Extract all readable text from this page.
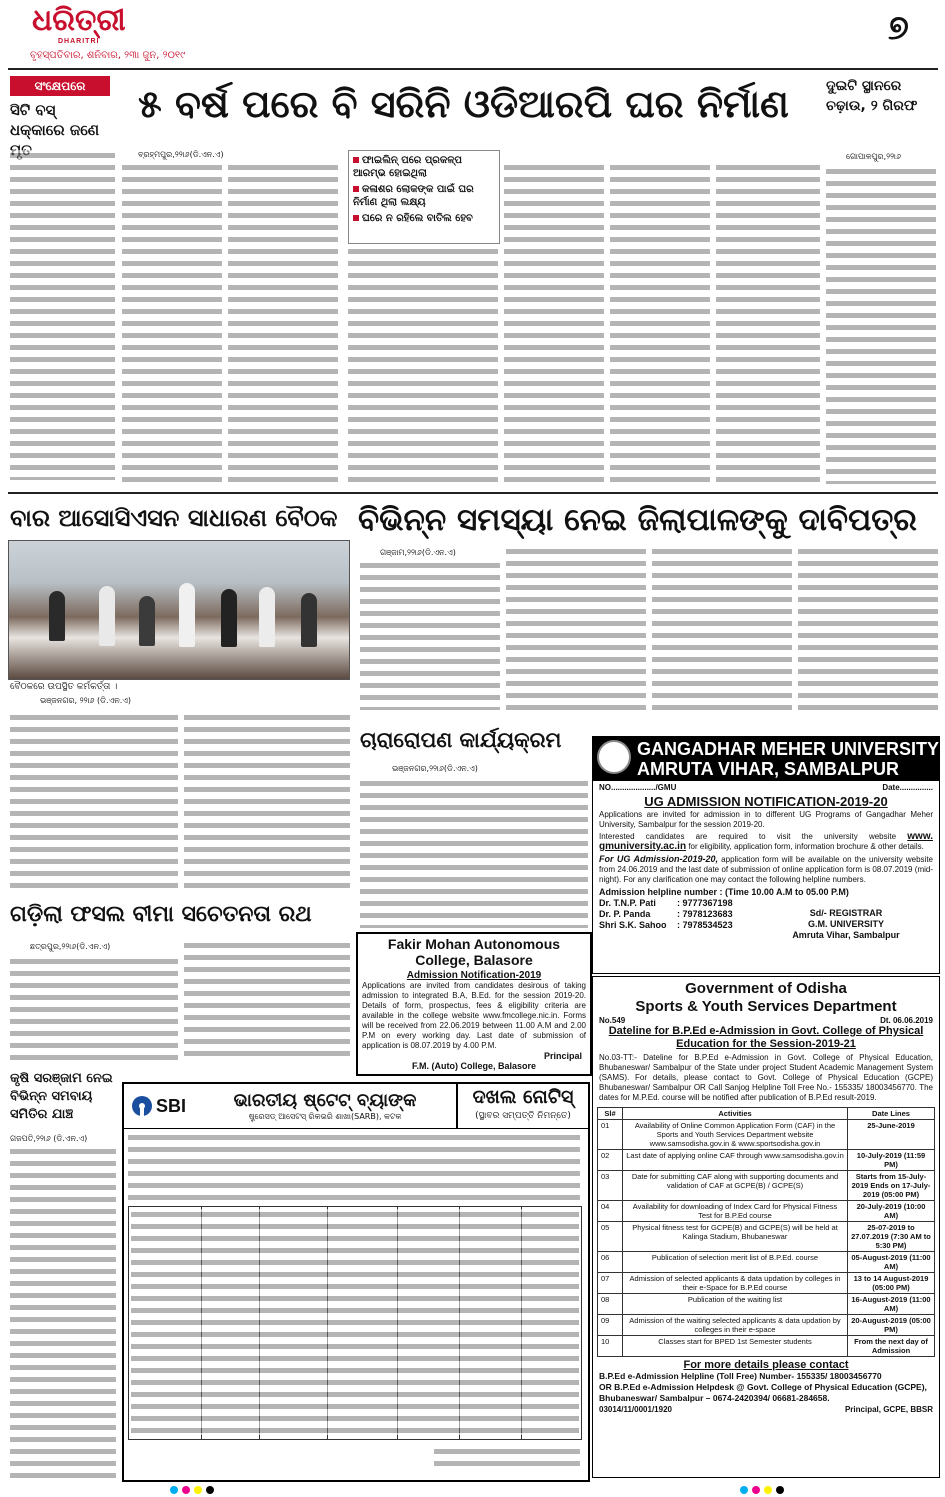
ଧରିତ୍ରୀ
DHARITRI
ବୃହସ୍ପତିବାର, ଶନିବାର, ୨୩ା ଜୁନ, ୨୦୧୯
୭
ସଂକ୍ଷେପରେ
ସିଟି ବସ୍ ଧକ୍କାରେ ଜଣେ
୫ ବର୍ଷ ପରେ ବି ସରିନି ଓଡିଆରପି ଘର ନିର୍ମାଣ	ଦୁଇଟି ସ୍ଥାନରେ ଚଢ଼ାଉ, ୨ ଗିରଫ
ଗୋପାଳପୁର,୨୨ା୬
ବ୍ରହ୍ମପୁର,୨୨ା୬(ଡି.ଏନ.ଏ)
ଫାଇଲିନ୍ ପରେ ପ୍ରକଳ୍ପ ଆରମ୍ଭ ହୋଇଥିଲା
କଳାଶର ଲୋକଙ୍କ ପାଇଁ ଘର ନିର୍ମାଣ ଥିଲା ଲକ୍ଷ୍ୟ
ଘରେ ନ ରହିଲେ ବାତିଲ ହେବ
ବାର ଆସୋସିଏସନ ସାଧାରଣ ବୈଠକ ବିଭିନ୍ନ ସମସ୍ୟା ନେଇ ଜିଲାପାଳଙ୍କୁ ଦାବିପତ୍ର
ବୈଠକରେ ଉପସ୍ଥିତ କର୍ମକର୍ତ୍ତା ।
ଭଞ୍ଜନଗର, ୨୨ା୬ (ଡି.ଏନ.ଏ)
ଗଞ୍ଜାମ,୨୨ା୬(ଡି.ଏନ.ଏ)
ଚାରାରୋପଣ କାର୍ଯ୍ୟକ୍ରମ
ଭଞ୍ଜନଗର,୨୨ା୬(ଡି.ଏନ.ଏ)
ଗଡ଼ିଲା ଫସଲ ବୀମା ସଚେତନତା ରଥ
ଛତ୍ରପୁର,୨୨ା୬(ଡି.ଏନ.ଏ)	Fakir Mohan Autonomous College, Balasore
Admission Notification-2019
Applications are invited from candidates desirous of taking admission to integrated B.A, B.Ed. for the session 2019-20. Details of form, prospectus, fees & eligibility criteria are available in the college website www.fmcollege.nic.in. Forms will be received from 22.06.2019 between 11.00 A.M and 2.00 P.M on every working day. Last date of submission of application is 08.07.2019 by 4.00 P.M.
Principal
F.M. (Auto) College, Balasore
GANGADHAR MEHER UNIVERSITY
AMRUTA VIHAR, SAMBALPUR
NO..................../GMU	Date...............
UG ADMISSION NOTIFICATION-2019-20
Applications are invited for admission in to different UG Programs of Gangadhar Meher University, Sambalpur for the session 2019-20.
Interested candidates are required to visit the university website www. gmuniversity.ac.in for eligibility, application form, information brochure & other details.
For UG Admission-2019-20, application form will be available on the university website from 24.06.2019 and the last date of submission of online application form is 08.07.2019 (mid-night). For any clarification one may contact the following helpline numbers.
Admission helpline number : (Time 10.00 A.M to 05.00 P.M)
Dr. T.N.P. Pati : 9777367198
Dr. P. Panda	: 7978123683
Shri S.K. Sahoo : 7978534523
Sd/- REGISTRAR
G.M. UNIVERSITY
Amruta Vihar, Sambalpur
Government of Odisha
Sports & Youth Services Department
No.549	Dt. 06.06.2019
Dateline for B.P.Ed e-Admission in Govt. College of Physical Education for the Session-2019-21
No.03-TT:- Dateline for B.P.Ed e-Admission in Govt. College of Physical Education, Bhubaneswar/ Sambalpur of the State under project Student Academic Management System (SAMS). For details, please contact to Govt. College of Physical Education (GCPE) Bhubaneswar/ Sambalpur OR Call Sanjog Helpline Toll Free No.- 155335/ 18003456770. The dates for M.P.Ed. course will be notified after publication of B.P.Ed result-2019.
Sl#	Activities	Date Lines
01	Availability of Online Common Application Form (CAF) in the Sports and Youth Services Department website www.samsodisha.gov.in & www.sportsodisha.gov.in	25-June-2019
02	Last date of applying online CAF through www.samsodisha.gov.in	10-July-2019 (11:59 PM)
03	Date for submitting CAF along with supporting documents and validation of CAF at GCPE(B) / GCPE(S)	Starts from 15-July-2019 Ends on 17-July-2019 (05:00 PM)
04	Availability for downloading of Index Card for Physical Fitness Test for B.P.Ed course	20-July-2019 (10:00 AM)
05	Physical fitness test for GCPE(B) and GCPE(S) will be held at Kalinga Stadium, Bhubaneswar	25-07-2019 to 27.07.2019 (7:30 AM to 5:30 PM)
06	Publication of selection merit list of B.P.Ed. course	05-August-2019 (11:00 AM)
07	Admission of selected applicants & data updation by colleges in their e-Space for B.P.Ed course	13 to 14 August-2019 (05:00 PM)
08	Publication of the waiting list	16-August-2019 (11:00 AM)
09	Admission of the waiting selected applicants & data updation by colleges in their e-space	20-August-2019 (05:00 PM)
10	Classes start for BPED 1st Semester students	From the next day of Admission
For more details please contact
B.P.Ed e-Admission Helpline (Toll Free) Number- 155335/ 18003456770
OR B.P.Ed e-Admission Helpdesk @ Govt. College of Physical Education (GCPE), Bhubaneswar/ Sambalpur – 0674-2420394/ 06681-284658.
03014/11/0001/1920	Principal, GCPE, BBSR
କୃଷି ସରଞ୍ଜାମ ନେଇ ବିଭିନ୍ନ ସମବାୟ ସମିତିର ଯାଞ୍ଚ
ଗଜପତି,୨୨ା୬ (ଡି.ଏନ.ଏ)
SBI	ଭାରତୀୟ ଷ୍ଟେଟ୍ ବ୍ୟାଙ୍କ
ଷ୍ଟ୍ରେସଡ୍ ଆସେଟସ୍ ରିକଭରି ଶାଖା(SARB), କଟକ
ଦଖଲ ନୋଟିସ୍
(ସ୍ଥାବର ସମ୍ପତ୍ତି ନିମନ୍ତେ)
